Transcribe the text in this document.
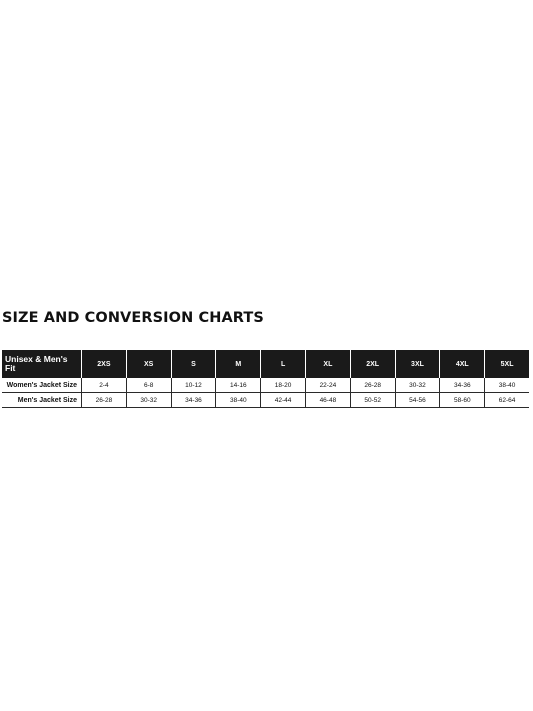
SIZE AND CONVERSION CHARTS
Unisex & Men's Fit	2XS	XS	S	M	L	XL	2XL	3XL	4XL	5XL
Women's Jacket Size	2-4	6-8	10-12	14-16	18-20	22-24	26-28	30-32	34-36	38-40
Men's Jacket Size	26-28	30-32	34-36	38-40	42-44	46-48	50-52	54-56	58-60	62-64
